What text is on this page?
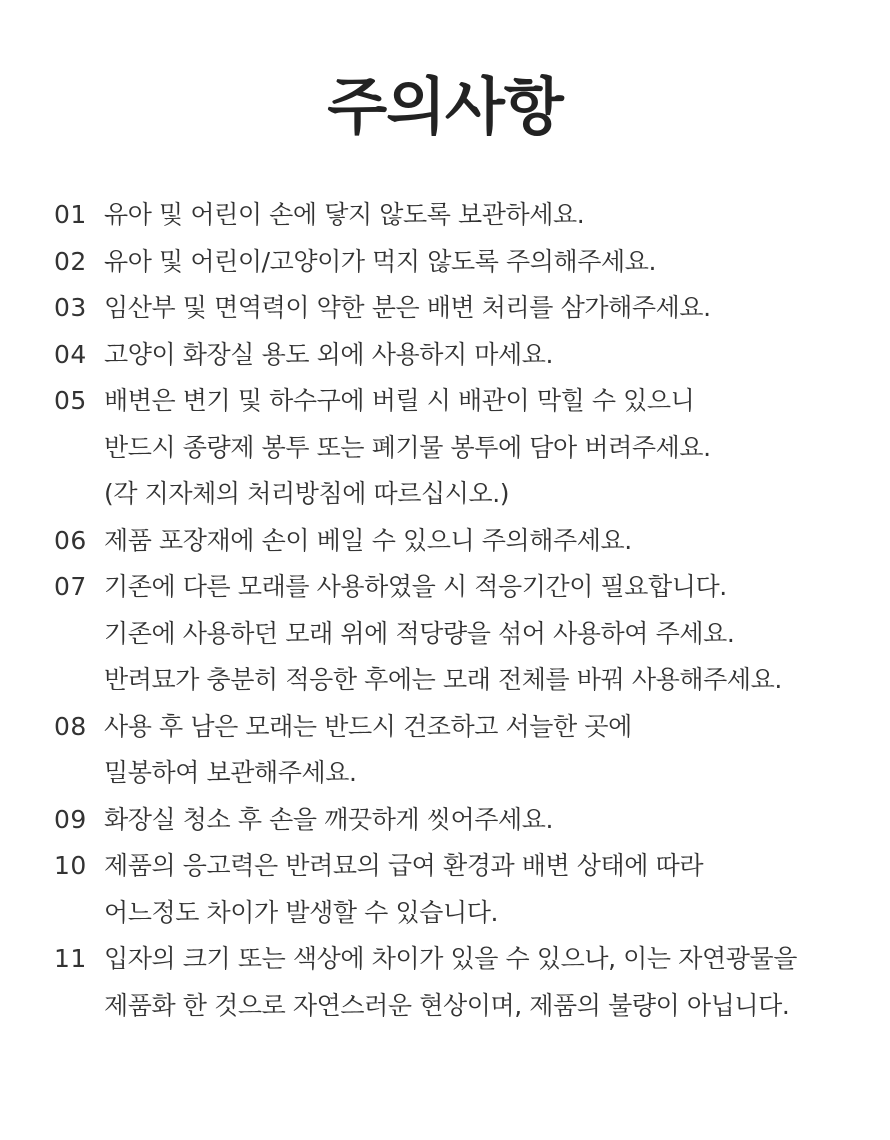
주의사항
01 유아 및 어린이 손에 닿지 않도록 보관하세요.
02 유아 및 어린이/고양이가 먹지 않도록 주의해주세요.
03 임산부 및 면역력이 약한 분은 배변 처리를 삼가해주세요.
04 고양이 화장실 용도 외에 사용하지 마세요.
05 배변은 변기 및 하수구에 버릴 시 배관이 막힐 수 있으니
반드시 종량제 봉투 또는 폐기물 봉투에 담아 버려주세요.
(각 지자체의 처리방침에 따르십시오.)
06 제품 포장재에 손이 베일 수 있으니 주의해주세요.
07 기존에 다른 모래를 사용하였을 시 적응기간이 필요합니다.
기존에 사용하던 모래 위에 적당량을 섞어 사용하여 주세요.
반려묘가 충분히 적응한 후에는 모래 전체를 바꿔 사용해주세요.
08 사용 후 남은 모래는 반드시 건조하고 서늘한 곳에
밀봉하여 보관해주세요.
09 화장실 청소 후 손을 깨끗하게 씻어주세요.
10 제품의 응고력은 반려묘의 급여 환경과 배변 상태에 따라
어느정도 차이가 발생할 수 있습니다.
11 입자의 크기 또는 색상에 차이가 있을 수 있으나, 이는 자연광물을
제품화 한 것으로 자연스러운 현상이며, 제품의 불량이 아닙니다.
